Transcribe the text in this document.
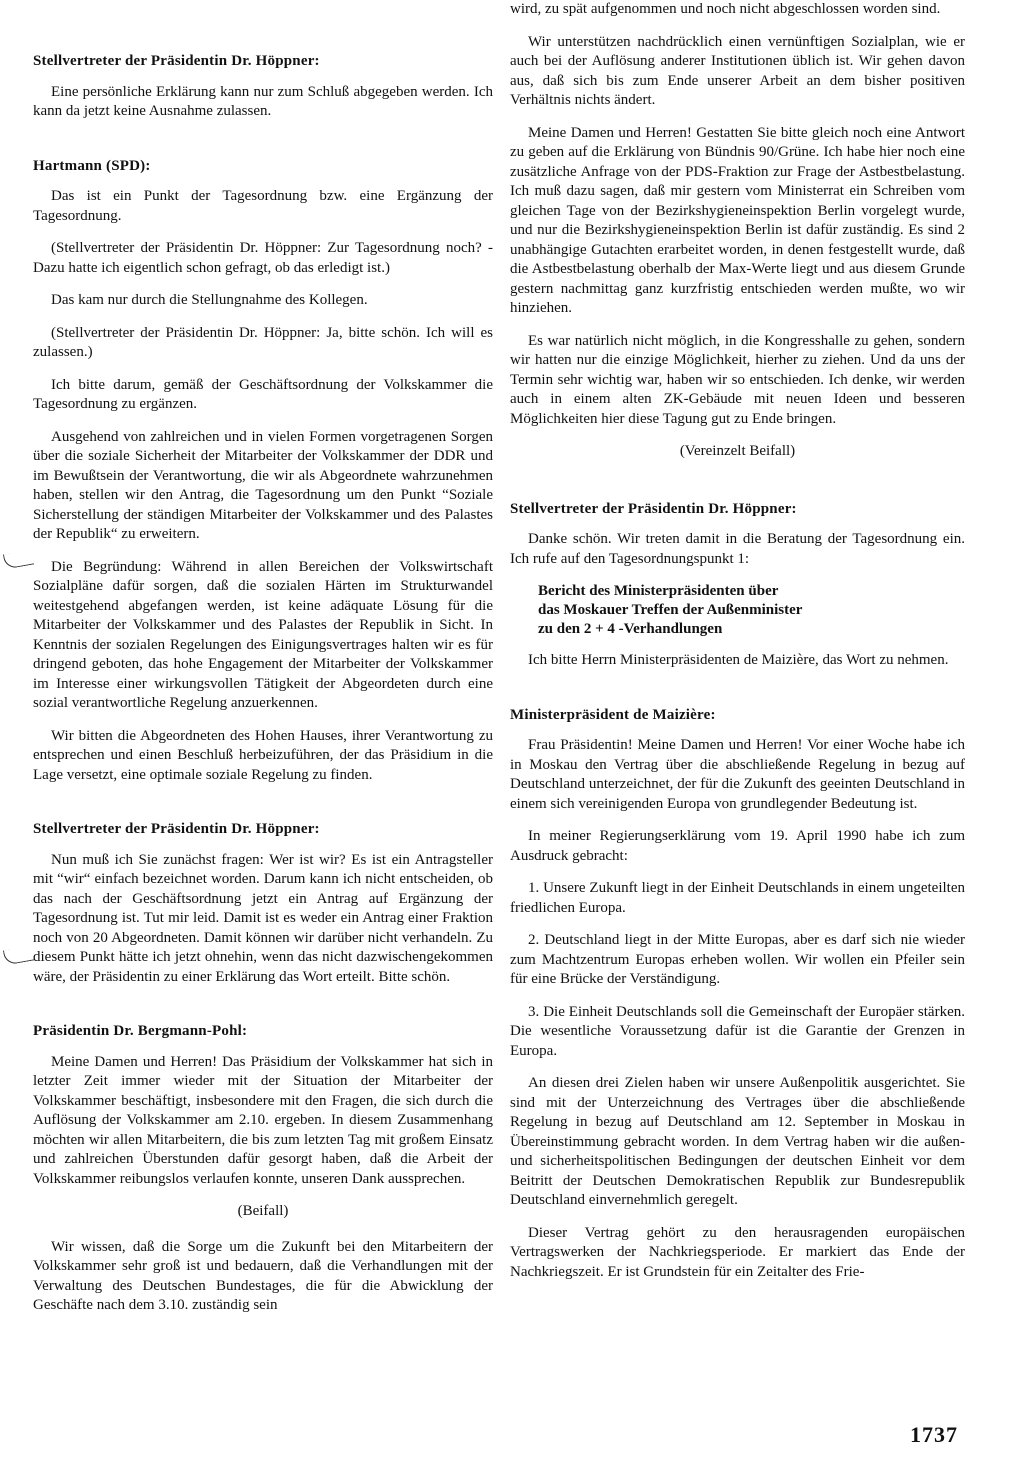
Stellvertreter der Präsidentin Dr. Höppner:

Eine persönliche Erklärung kann nur zum Schluß abgegeben werden. Ich kann da jetzt keine Ausnahme zulassen.

Hartmann (SPD):

Das ist ein Punkt der Tagesordnung bzw. eine Ergänzung der Tagesordnung.

(Stellvertreter der Präsidentin Dr. Höppner: Zur Tagesordnung noch? - Dazu hatte ich eigentlich schon gefragt, ob das erledigt ist.)

Das kam nur durch die Stellungnahme des Kollegen.

(Stellvertreter der Präsidentin Dr. Höppner: Ja, bitte schön. Ich will es zulassen.)

Ich bitte darum, gemäß der Geschäftsordnung der Volkskammer die Tagesordnung zu ergänzen.

Ausgehend von zahlreichen und in vielen Formen vorgetragenen Sorgen über die soziale Sicherheit der Mitarbeiter der Volkskammer der DDR und im Bewußtsein der Verantwortung, die wir als Abgeordnete wahrzunehmen haben, stellen wir den Antrag, die Tagesordnung um den Punkt “Soziale Sicherstellung der ständigen Mitarbeiter der Volkskammer und des Palastes der Republik“ zu erweitern.

Die Begründung: Während in allen Bereichen der Volkswirtschaft Sozialpläne dafür sorgen, daß die sozialen Härten im Strukturwandel weitestgehend abgefangen werden, ist keine adäquate Lösung für die Mitarbeiter der Volkskammer und des Palastes der Republik in Sicht. In Kenntnis der sozialen Regelungen des Einigungsvertrages halten wir es für dringend geboten, das hohe Engagement der Mitarbeiter der Volkskammer im Interesse einer wirkungsvollen Tätigkeit der Abgeordeten durch eine sozial verantwortliche Regelung anzuerkennen.

Wir bitten die Abgeordneten des Hohen Hauses, ihrer Verantwortung zu entsprechen und einen Beschluß herbeizuführen, der das Präsidium in die Lage versetzt, eine optimale soziale Regelung zu finden.

Stellvertreter der Präsidentin Dr. Höppner:

Nun muß ich Sie zunächst fragen: Wer ist wir? Es ist ein Antragsteller mit “wir“ einfach bezeichnet worden. Darum kann ich nicht entscheiden, ob das nach der Geschäftsordnung jetzt ein Antrag auf Ergänzung der Tagesordnung ist. Tut mir leid. Damit ist es weder ein Antrag einer Fraktion noch von 20 Abgeordneten. Damit können wir darüber nicht verhandeln. Zu diesem Punkt hätte ich jetzt ohnehin, wenn das nicht dazwischengekommen wäre, der Präsidentin zu einer Erklärung das Wort erteilt. Bitte schön.

Präsidentin Dr. Bergmann-Pohl:

Meine Damen und Herren! Das Präsidium der Volkskammer hat sich in letzter Zeit immer wieder mit der Situation der Mitarbeiter der Volkskammer beschäftigt, insbesondere mit den Fragen, die sich durch die Auflösung der Volkskammer am 2.10. ergeben. In diesem Zusammenhang möchten wir allen Mitarbeitern, die bis zum letzten Tag mit großem Einsatz und zahlreichen Überstunden dafür gesorgt haben, daß die Arbeit der Volkskammer reibungslos verlaufen konnte, unseren Dank aussprechen.

(Beifall)

Wir wissen, daß die Sorge um die Zukunft bei den Mitarbeitern der Volkskammer sehr groß ist und bedauern, daß die Verhandlungen mit der Verwaltung des Deutschen Bundestages, die für die Abwicklung der Geschäfte nach dem 3.10. zuständig sein

wird, zu spät aufgenommen und noch nicht abgeschlossen worden sind.

Wir unterstützen nachdrücklich einen vernünftigen Sozialplan, wie er auch bei der Auflösung anderer Institutionen üblich ist. Wir gehen davon aus, daß sich bis zum Ende unserer Arbeit an dem bisher positiven Verhältnis nichts ändert.

Meine Damen und Herren! Gestatten Sie bitte gleich noch eine Antwort zu geben auf die Erklärung von Bündnis 90/Grüne. Ich habe hier noch eine zusätzliche Anfrage von der PDS-Fraktion zur Frage der Astbestbelastung. Ich muß dazu sagen, daß mir gestern vom Ministerrat ein Schreiben vom gleichen Tage von der Bezirkshygieneinspektion Berlin vorgelegt wurde, und nur die Bezirkshygieneinspektion Berlin ist dafür zuständig. Es sind 2 unabhängige Gutachten erarbeitet worden, in denen festgestellt wurde, daß die Astbestbelastung oberhalb der Max-Werte liegt und aus diesem Grunde gestern nachmittag ganz kurzfristig entschieden werden mußte, wo wir hinziehen.

Es war natürlich nicht möglich, in die Kongresshalle zu gehen, sondern wir hatten nur die einzige Möglichkeit, hierher zu ziehen. Und da uns der Termin sehr wichtig war, haben wir so entschieden. Ich denke, wir werden auch in einem alten ZK-Gebäude mit neuen Ideen und besseren Möglichkeiten hier diese Tagung gut zu Ende bringen.

(Vereinzelt Beifall)
Stellvertreter der Präsidentin Dr. Höppner:

Danke schön. Wir treten damit in die Beratung der Tagesordnung ein. Ich rufe auf den Tagesordnungspunkt 1:

Bericht des Ministerpräsidenten über
das Moskauer Treffen der Außenminister
zu den 2 + 4 -Verhandlungen

Ich bitte Herrn Ministerpräsidenten de Maizière, das Wort zu nehmen.

Ministerpräsident de Maizière:

Frau Präsidentin! Meine Damen und Herren! Vor einer Woche habe ich in Moskau den Vertrag über die abschließende Regelung in bezug auf Deutschland unterzeichnet, der für die Zukunft des geeinten Deutschland in einem sich vereinigenden Europa von grundlegender Bedeutung ist.

In meiner Regierungserklärung vom 19. April 1990 habe ich zum Ausdruck gebracht:

1. Unsere Zukunft liegt in der Einheit Deutschlands in einem ungeteilten friedlichen Europa.

2. Deutschland liegt in der Mitte Europas, aber es darf sich nie wieder zum Machtzentrum Europas erheben wollen. Wir wollen ein Pfeiler sein für eine Brücke der Verständigung.

3. Die Einheit Deutschlands soll die Gemeinschaft der Europäer stärken. Die wesentliche Voraussetzung dafür ist die Garantie der Grenzen in Europa.

An diesen drei Zielen haben wir unsere Außenpolitik ausgerichtet. Sie sind mit der Unterzeichnung des Vertrages über die abschließende Regelung in bezug auf Deutschland am 12. September in Moskau in Übereinstimmung gebracht worden. In dem Vertrag haben wir die außen- und sicherheitspolitischen Bedingungen der deutschen Einheit vor dem Beitritt der Deutschen Demokratischen Republik zur Bundesrepublik Deutschland einvernehmlich geregelt.

Dieser Vertrag gehört zu den herausragenden europäischen Vertragswerken der Nachkriegsperiode. Er markiert das Ende der Nachkriegszeit. Er ist Grundstein für ein Zeitalter des Frie-

1737
